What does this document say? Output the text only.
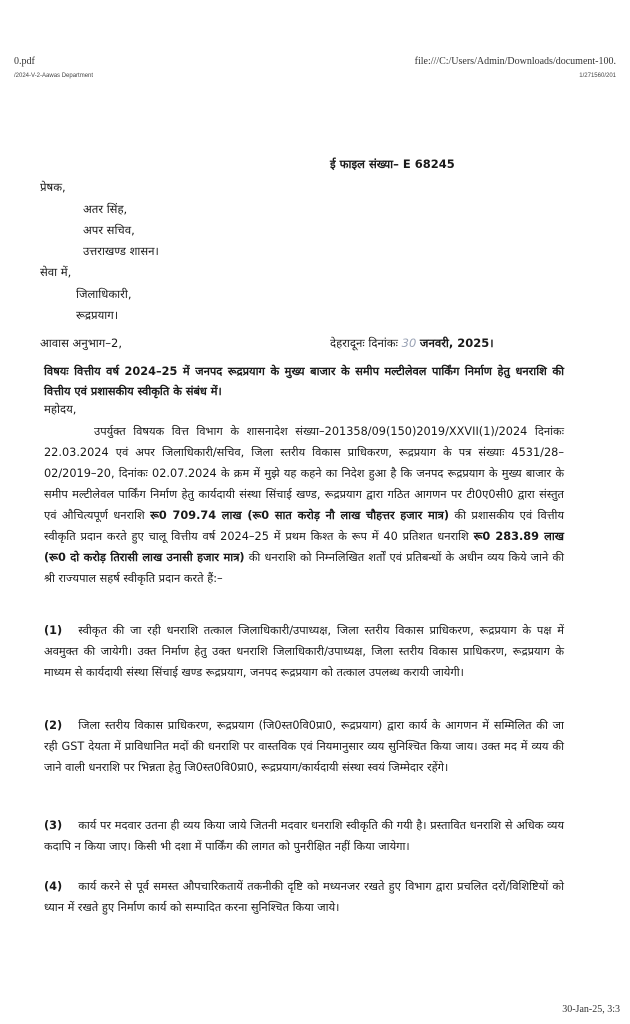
0.pdf
/2024-V-2-Aawas Department
file:///C:/Users/Admin/Downloads/document-100.
1/271560/201
ई फाइल संख्या– E 68245
प्रेषक,
अतर सिंह,
अपर सचिव,
उत्तराखण्ड शासन।
सेवा में,
जिलाधिकारी,
रूद्रप्रयाग।
आवास अनुभाग–2,	देहरादूनः दिनांकः 30 जनवरी, 2025।
विषयः वित्तीय वर्ष 2024–25 में जनपद रूद्रप्रयाग के मुख्य बाजार के समीप मल्टीलेवल पार्किंग निर्माण हेतु धनराशि की वित्तीय एवं प्रशासकीय स्वीकृति के संबंध में।
महोदय,
उपर्युक्त विषयक वित्त विभाग के शासनादेश संख्या–201358/09(150)2019/XXVII(1)/2024 दिनांकः 22.03.2024 एवं अपर जिलाधिकारी/सचिव, जिला स्तरीय विकास प्राधिकरण, रूद्रप्रयाग के पत्र संख्याः 4531/28–02/2019–20, दिनांकः 02.07.2024 के क्रम में मुझे यह कहने का निदेश हुआ है कि जनपद रूद्रप्रयाग के मुख्य बाजार के समीप मल्टीलेवल पार्किंग निर्माण हेतु कार्यदायी संस्था सिंचाई खण्ड, रूद्रप्रयाग द्वारा गठित आगणन पर टी0ए0सी0 द्वारा संस्तुत एवं औचित्यपूर्ण धनराशि रू0 709.74 लाख (रू0 सात करोड़ नौ लाख चौहत्तर हजार मात्र) की प्रशासकीय एवं वित्तीय स्वीकृति प्रदान करते हुए चालू वित्तीय वर्ष 2024–25 में प्रथम किश्त के रूप में 40 प्रतिशत धनराशि रू0 283.89 लाख (रू0 दो करोड़ तिरासी लाख उनासी हजार मात्र) की धनराशि को निम्नलिखित शर्तों एवं प्रतिबन्धों के अधीन व्यय किये जाने की श्री राज्यपाल सहर्ष स्वीकृति प्रदान करते हैं:–
(1) स्वीकृत की जा रही धनराशि तत्काल जिलाधिकारी/उपाध्यक्ष, जिला स्तरीय विकास प्राधिकरण, रूद्रप्रयाग के पक्ष में अवमुक्त की जायेगी। उक्त निर्माण हेतु उक्त धनराशि जिलाधिकारी/उपाध्यक्ष, जिला स्तरीय विकास प्राधिकरण, रूद्रप्रयाग के माध्यम से कार्यदायी संस्था सिंचाई खण्ड रूद्रप्रयाग, जनपद रूद्रप्रयाग को तत्काल उपलब्ध करायी जायेगी।
(2) जिला स्तरीय विकास प्राधिकरण, रूद्रप्रयाग (जि0स्त0वि0प्रा0, रूद्रप्रयाग) द्वारा कार्य के आगणन में सम्मिलित की जा रही GST देयता में प्राविधानित मदों की धनराशि पर वास्तविक एवं नियमानुसार व्यय सुनिश्चित किया जाय। उक्त मद में व्यय की जाने वाली धनराशि पर भिन्नता हेतु जि0स्त0वि0प्रा0, रूद्रप्रयाग/कार्यदायी संस्था स्वयं जिम्मेदार रहेंगे।
(3) कार्य पर मदवार उतना ही व्यय किया जाये जितनी मदवार धनराशि स्वीकृति की गयी है। प्रस्तावित धनराशि से अधिक व्यय कदापि न किया जाए। किसी भी दशा में पार्किंग की लागत को पुनरीक्षित नहीं किया जायेगा।
(4) कार्य करने से पूर्व समस्त औपचारिकतायें तकनीकी दृष्टि को मध्यनजर रखते हुए विभाग द्वारा प्रचलित दरों/विशिष्टियों को ध्यान में रखते हुए निर्माण कार्य को सम्पादित करना सुनिश्चित किया जाये।
30-Jan-25, 3:3
